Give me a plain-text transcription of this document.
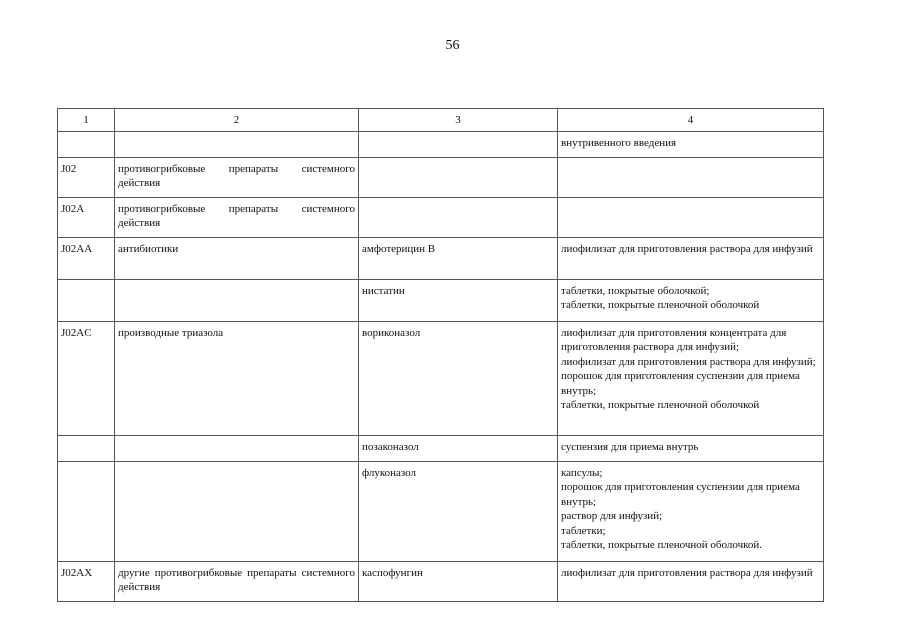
56
1	2	3	4

			внутривенного введения

J02	противогрибковые препараты системного действия		
J02A	противогрибковые препараты системного действия		
J02AA	антибиотики	амфотерицин В	лиофилизат для приготовления раствора для инфузий

		нистатин	таблетки, покрытые оболочкой;
таблетки, покрытые пленочной оболочкой

J02AC	производные триазола	вориконазол	лиофилизат для приготовления концентрата для приготовления раствора для инфузий;
лиофилизат для приготовления раствора для инфузий;
порошок для приготовления суспензии для приема внутрь;
таблетки, покрытые пленочной оболочкой

		позаконазол	суспензия для приема внутрь

		флуконазол	капсулы;
порошок для приготовления суспензии для приема внутрь;
раствор для инфузий;
таблетки;
таблетки, покрытые пленочной оболочкой.

J02AX	другие противогрибковые препараты системного действия	каспофунгин	лиофилизат для приготовления раствора для инфузий
